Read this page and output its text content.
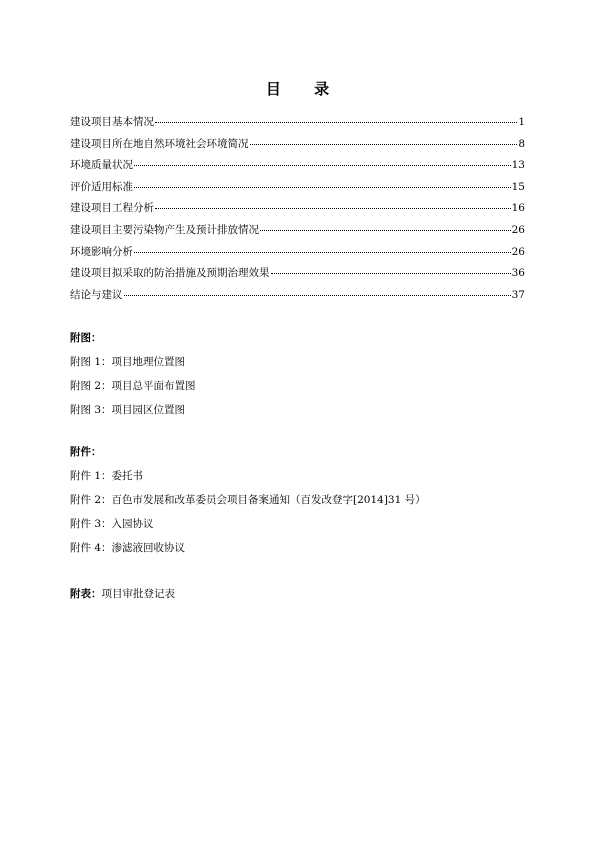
目 录
建设项目基本情况	1
建设项目所在地自然环境社会环境简况	8
环境质量状况	13
评价适用标准	15
建设项目工程分析	16
建设项目主要污染物产生及预计排放情况	26
环境影响分析	26
建设项目拟采取的防治措施及预期治理效果	36
结论与建议	37
附图：
附图 1：项目地理位置图
附图 2：项目总平面布置图
附图 3：项目园区位置图
附件：
附件 1：委托书
附件 2：百色市发展和改革委员会项目备案通知（百发改登字[2014]31 号）
附件 3：入园协议
附件 4：渗滤液回收协议
附表：项目审批登记表
